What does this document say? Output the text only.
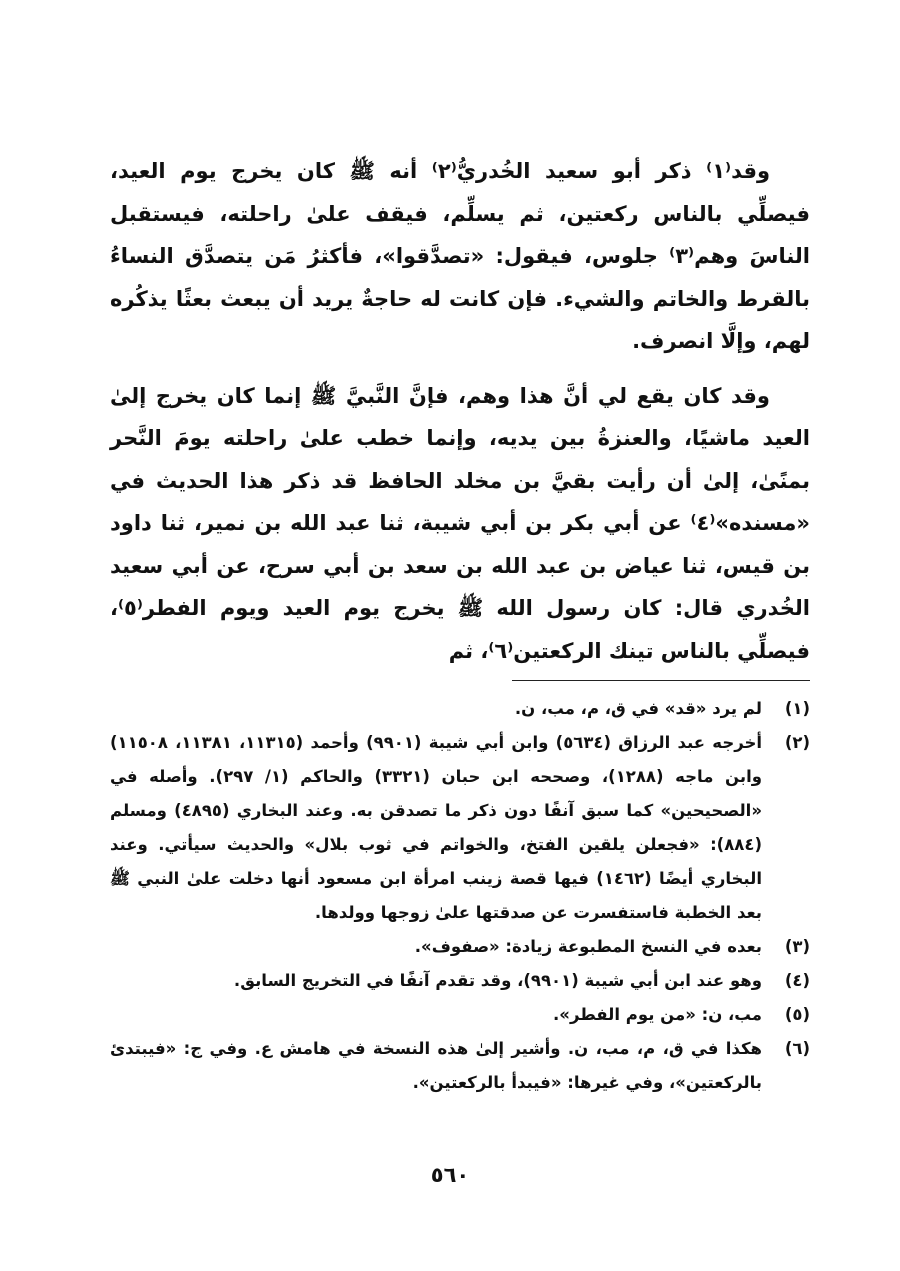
وقد⁽١⁾ ذكر أبو سعيد الخُدريُّ⁽٢⁾ أنه ﷺ كان يخرج يوم العيد، فيصلِّي بالناس ركعتين، ثم يسلِّم، فيقف علىٰ راحلته، فيستقبل الناسَ وهم⁽٣⁾ جلوس، فيقول: «تصدَّقوا»، فأكثرُ مَن يتصدَّق النساءُ بالقرط والخاتم والشيء. فإن كانت له حاجةٌ يريد أن يبعث بعثًا يذكُره لهم، وإلَّا انصرف.

وقد كان يقع لي أنَّ هذا وهم، فإنَّ النَّبيَّ ﷺ إنما كان يخرج إلىٰ العيد ماشيًا، والعنزةُ بين يديه، وإنما خطب علىٰ راحلته يومَ النَّحر بمنًىٰ، إلىٰ أن رأيت بقيَّ بن مخلد الحافظ قد ذكر هذا الحديث في «مسنده»⁽٤⁾ عن أبي بكر بن أبي شيبة، ثنا عبد الله بن نمير، ثنا داود بن قيس، ثنا عياض بن عبد الله بن سعد بن أبي سرح، عن أبي سعيد الخُدري قال: كان رسول الله ﷺ يخرج يوم العيد ويوم الفطر⁽٥⁾، فيصلِّي بالناس تينك الركعتين⁽٦⁾، ثم

(١)
لم يرد «قد» في ق، م، مب، ن.
(٢)
أخرجه عبد الرزاق (٥٦٣٤) وابن أبي شيبة (٩٩٠١) وأحمد (١١٣١٥، ١١٣٨١، ١١٥٠٨) وابن ماجه (١٢٨٨)، وصححه ابن حبان (٣٣٢١) والحاكم (١/ ٢٩٧). وأصله في «الصحيحين» كما سبق آنفًا دون ذكر ما تصدقن به. وعند البخاري (٤٨٩٥) ومسلم (٨٨٤): «فجعلن يلقين الفتخ، والخواتم في ثوب بلال» والحديث سيأتي. وعند البخاري أيضًا (١٤٦٢) فيها قصة زينب امرأة ابن مسعود أنها دخلت علىٰ النبي ﷺ بعد الخطبة فاستفسرت عن صدقتها علىٰ زوجها وولدها.
(٣)
بعده في النسخ المطبوعة زيادة: «صفوف».
(٤)
وهو عند ابن أبي شيبة (٩٩٠١)، وقد تقدم آنفًا في التخريج السابق.
(٥)
مب، ن: «من يوم الفطر».
(٦)
هكذا في ق، م، مب، ن. وأشير إلىٰ هذه النسخة في هامش ع. وفي ج: «فيبتدئ بالركعتين»، وفي غيرها: «فيبدأ بالركعتين».
٥٦٠
